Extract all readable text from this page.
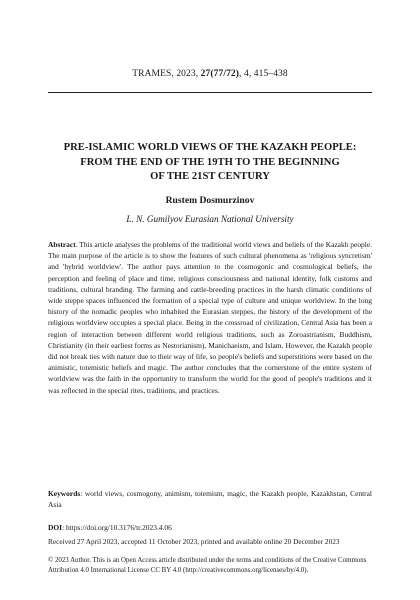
TRAMES, 2023, 27(77/72), 4, 415–438
PRE-ISLAMIC WORLD VIEWS OF THE KAZAKH PEOPLE:
FROM THE END OF THE 19TH TO THE BEGINNING
OF THE 21ST CENTURY
Rustem Dosmurzinov
L. N. Gumilyov Eurasian National University
Abstract. This article analyses the problems of the traditional world views and beliefs of the Kazakh people. The main purpose of the article is to show the features of such cultural phenomena as 'religious syncretism' and 'hybrid worldview'. The author pays attention to the cosmogonic and cosmological beliefs, the perception and feeling of place and time, religious consciousness and national identity, folk customs and traditions, cultural branding. The farming and cattle-breeding practices in the harsh climatic conditions of wide steppe spaces influenced the formation of a special type of culture and unique worldview. In the long history of the nomadic peoples who inhabited the Eurasian steppes, the history of the development of the religious worldview occupies a special place. Being in the crossroad of civilization, Central Asia has been a region of interaction between different world religious traditions, such as Zoroastrianism, Buddhism, Christianity (in their earliest forms as Nestorianism), Manichaeism, and Islam. However, the Kazakh people did not break ties with nature due to their way of life, so people's beliefs and superstitions were based on the animistic, totemistic beliefs and magic. The author concludes that the cornerstone of the entire system of worldview was the faith in the opportunity to transform the world for the good of people's traditions and it was reflected in the special rites, traditions, and practices.
Keywords: world views, cosmogony, animism, totemism, magic, the Kazakh people, Kazakhstan, Central Asia
DOI: https://doi.org/10.3176/tr.2023.4.06
Received 27 April 2023, accepted 11 October 2023, printed and available online 20 December 2023
© 2023 Author. This is an Open Access article distributed under the terms and conditions of the Creative Commons Attribution 4.0 International License CC BY 4.0 (http://creativecommons.org/licenses/by/4.0).
